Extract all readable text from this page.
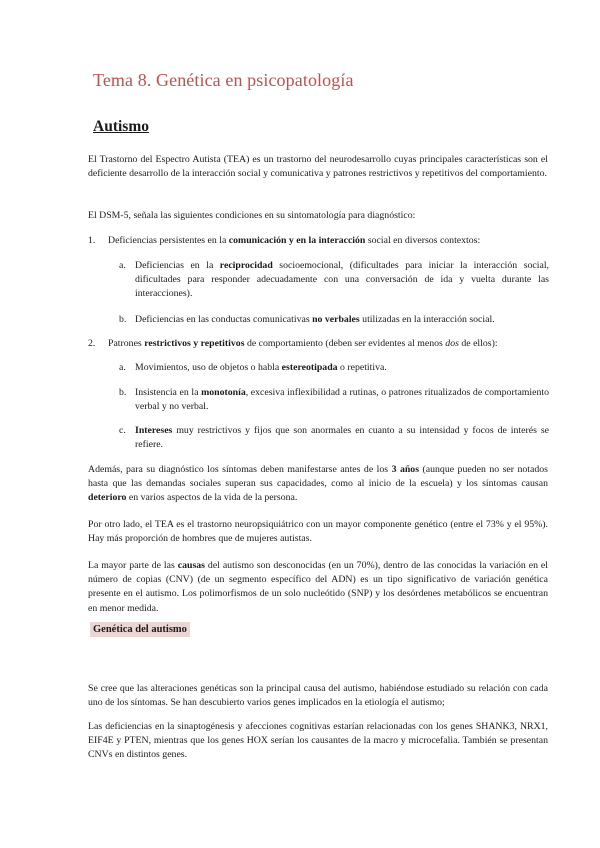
Tema 8. Genética en psicopatología
Autismo

El Trastorno del Espectro Autista (TEA) es un trastorno del neurodesarrollo cuyas principales características son el deficiente desarrollo de la interacción social y comunicativa y patrones restrictivos y repetitivos del comportamiento.

El DSM-5, señala las siguientes condiciones en su sintomatología para diagnóstico:

1.	Deficiencias persistentes en la comunicación y en la interacción social en diversos contextos:
a. Deficiencias en la reciprocidad socioemocional, (dificultades para iniciar la interacción social, dificultades para responder adecuadamente con una conversación de ida y vuelta durante las interacciones).
b. Deficiencias en las conductas comunicativas no verbales utilizadas en la interacción social.
2.	Patrones restrictivos y repetitivos de comportamiento (deben ser evidentes al menos dos de ellos):
a. Movimientos, uso de objetos o habla estereotipada o repetitiva.
b. Insistencia en la monotonía, excesiva inflexibilidad a rutinas, o patrones ritualizados de comportamiento verbal y no verbal.
c. Intereses muy restrictivos y fijos que son anormales en cuanto a su intensidad y focos de interés se refiere.

Además, para su diagnóstico los síntomas deben manifestarse antes de los 3 años (aunque pueden no ser notados hasta que las demandas sociales superan sus capacidades, como al inicio de la escuela) y los síntomas causan deterioro en varios aspectos de la vida de la persona.

Por otro lado, el TEA es el trastorno neuropsiquiátrico con un mayor componente genético (entre el 73% y el 95%). Hay más proporción de hombres que de mujeres autistas.

La mayor parte de las causas del autismo son desconocidas (en un 70%), dentro de las conocidas la variación en el número de copias (CNV) (de un segmento específico del ADN) es un tipo significativo de variación genética presente en el autismo. Los polimorfismos de un solo nucleótido (SNP) y los desórdenes metabólicos se encuentran en menor medida.

Genética del autismo

Se cree que las alteraciones genéticas son la principal causa del autismo, habiéndose estudiado su relación con cada uno de los síntomas. Se han descubierto varios genes implicados en la etiología el autismo;

Las deficiencias en la sinaptogénesis y afecciones cognitivas estarían relacionadas con los genes SHANK3, NRX1, EIF4E y PTEN, mientras que los genes HOX serían los causantes de la macro y microcefalia. También se presentan CNVs en distintos genes.
